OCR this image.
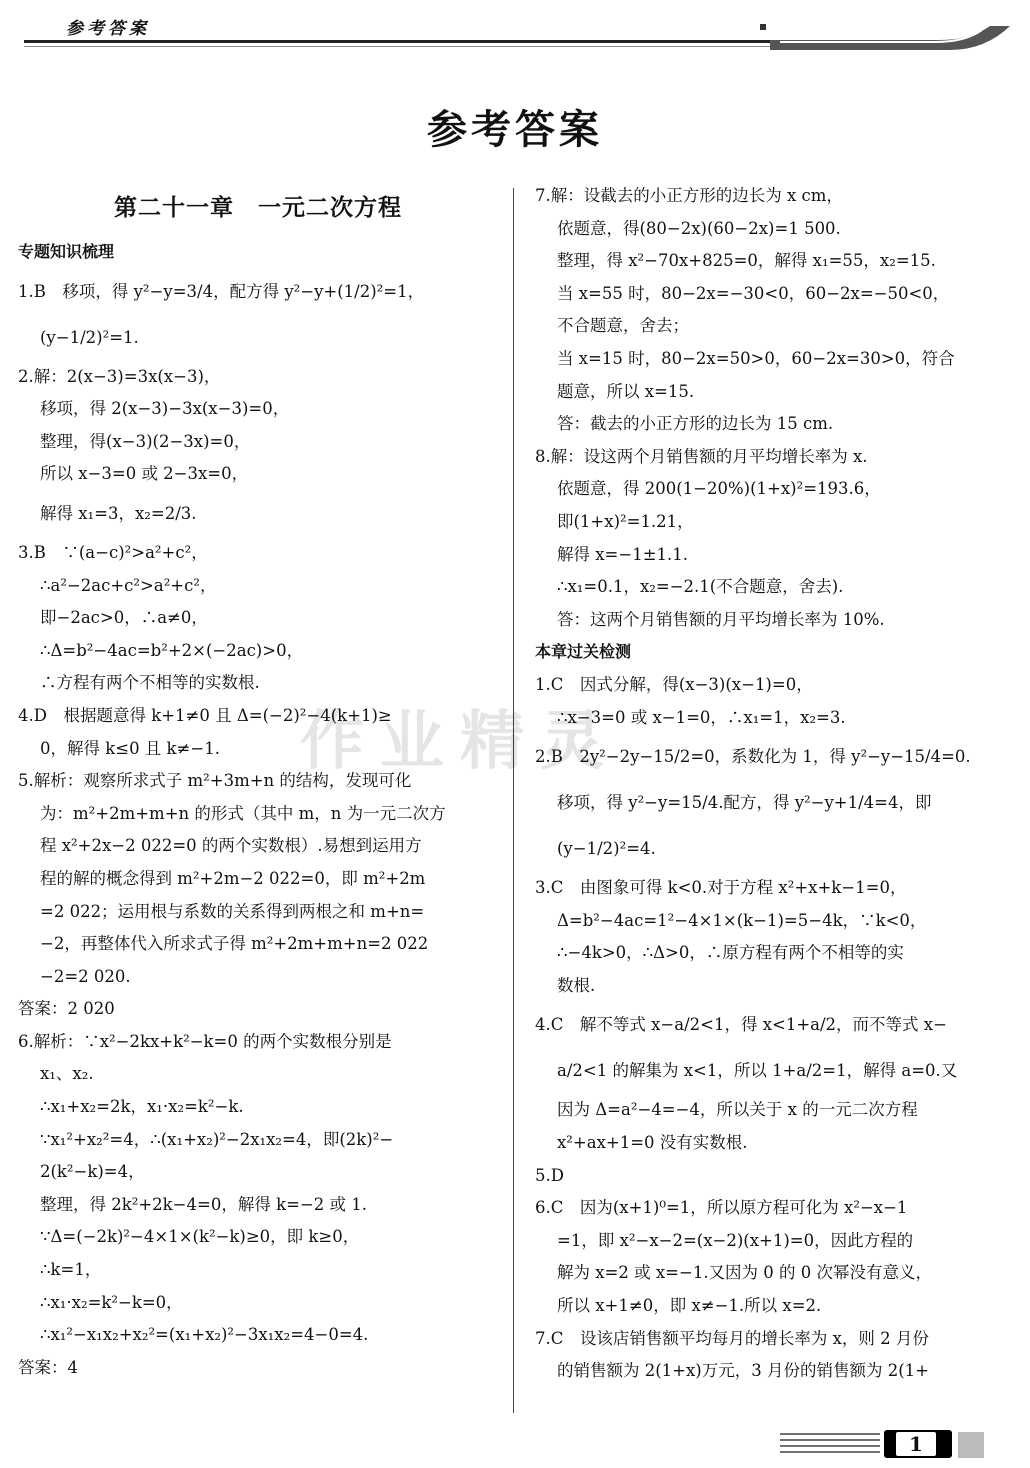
参考答案
参考答案
第二十一章　一元二次方程
专题知识梳理
1.B　移项，得 y²−y=3/4，配方得 y²−y+(1/2)²=1，
(y−1/2)²=1.
2.解：2(x−3)=3x(x−3)，
移项，得 2(x−3)−3x(x−3)=0，
整理，得(x−3)(2−3x)=0，
所以 x−3=0 或 2−3x=0，
解得 x₁=3，x₂=2/3.
3.B　∵(a−c)²>a²+c²，
∴a²−2ac+c²>a²+c²，
即−2ac>0，∴a≠0，
∴Δ=b²−4ac=b²+2×(−2ac)>0，
∴方程有两个不相等的实数根.
4.D　根据题意得 k+1≠0 且 Δ=(−2)²−4(k+1)≥
0，解得 k≤0 且 k≠−1.
5.解析：观察所求式子 m²+3m+n 的结构，发现可化
为：m²+2m+m+n 的形式（其中 m，n 为一元二次方
程 x²+2x−2 022=0 的两个实数根）.易想到运用方
程的解的概念得到 m²+2m−2 022=0，即 m²+2m
=2 022；运用根与系数的关系得到两根之和 m+n=
−2，再整体代入所求式子得 m²+2m+m+n=2 022
−2=2 020.
答案：2 020
6.解析：∵x²−2kx+k²−k=0 的两个实数根分别是
x₁、x₂.
∴x₁+x₂=2k，x₁·x₂=k²−k.
∵x₁²+x₂²=4，∴(x₁+x₂)²−2x₁x₂=4，即(2k)²−
2(k²−k)=4，
整理，得 2k²+2k−4=0，解得 k=−2 或 1.
∵Δ=(−2k)²−4×1×(k²−k)≥0，即 k≥0，
∴k=1，
∴x₁·x₂=k²−k=0，
∴x₁²−x₁x₂+x₂²=(x₁+x₂)²−3x₁x₂=4−0=4.
答案：4
7.解：设截去的小正方形的边长为 x cm，
依题意，得(80−2x)(60−2x)=1 500.
整理，得 x²−70x+825=0，解得 x₁=55，x₂=15.
当 x=55 时，80−2x=−30<0，60−2x=−50<0，
不合题意，舍去；
当 x=15 时，80−2x=50>0，60−2x=30>0，符合
题意，所以 x=15.
答：截去的小正方形的边长为 15 cm.
8.解：设这两个月销售额的月平均增长率为 x.
依题意，得 200(1−20%)(1+x)²=193.6，
即(1+x)²=1.21，
解得 x=−1±1.1.
∴x₁=0.1，x₂=−2.1(不合题意，舍去).
答：这两个月销售额的月平均增长率为 10%.
本章过关检测
1.C　因式分解，得(x−3)(x−1)=0，
∴x−3=0 或 x−1=0，∴x₁=1，x₂=3.
2.B　2y²−2y−15/2=0，系数化为 1，得 y²−y−15/4=0.
移项，得 y²−y=15/4.配方，得 y²−y+1/4=4，即
(y−1/2)²=4.
3.C　由图象可得 k<0.对于方程 x²+x+k−1=0，
Δ=b²−4ac=1²−4×1×(k−1)=5−4k，∵k<0，
∴−4k>0，∴Δ>0，∴原方程有两个不相等的实
数根.
4.C　解不等式 x−a/2<1，得 x<1+a/2，而不等式 x−
a/2<1 的解集为 x<1，所以 1+a/2=1，解得 a=0.又
因为 Δ=a²−4=−4，所以关于 x 的一元二次方程
x²+ax+1=0 没有实数根.
5.D
6.C　因为(x+1)⁰=1，所以原方程可化为 x²−x−1
=1，即 x²−x−2=(x−2)(x+1)=0，因此方程的
解为 x=2 或 x=−1.又因为 0 的 0 次幂没有意义，
所以 x+1≠0，即 x≠−1.所以 x=2.
7.C　设该店销售额平均每月的增长率为 x，则 2 月份
的销售额为 2(1+x)万元，3 月份的销售额为 2(1+
作业精灵
1
